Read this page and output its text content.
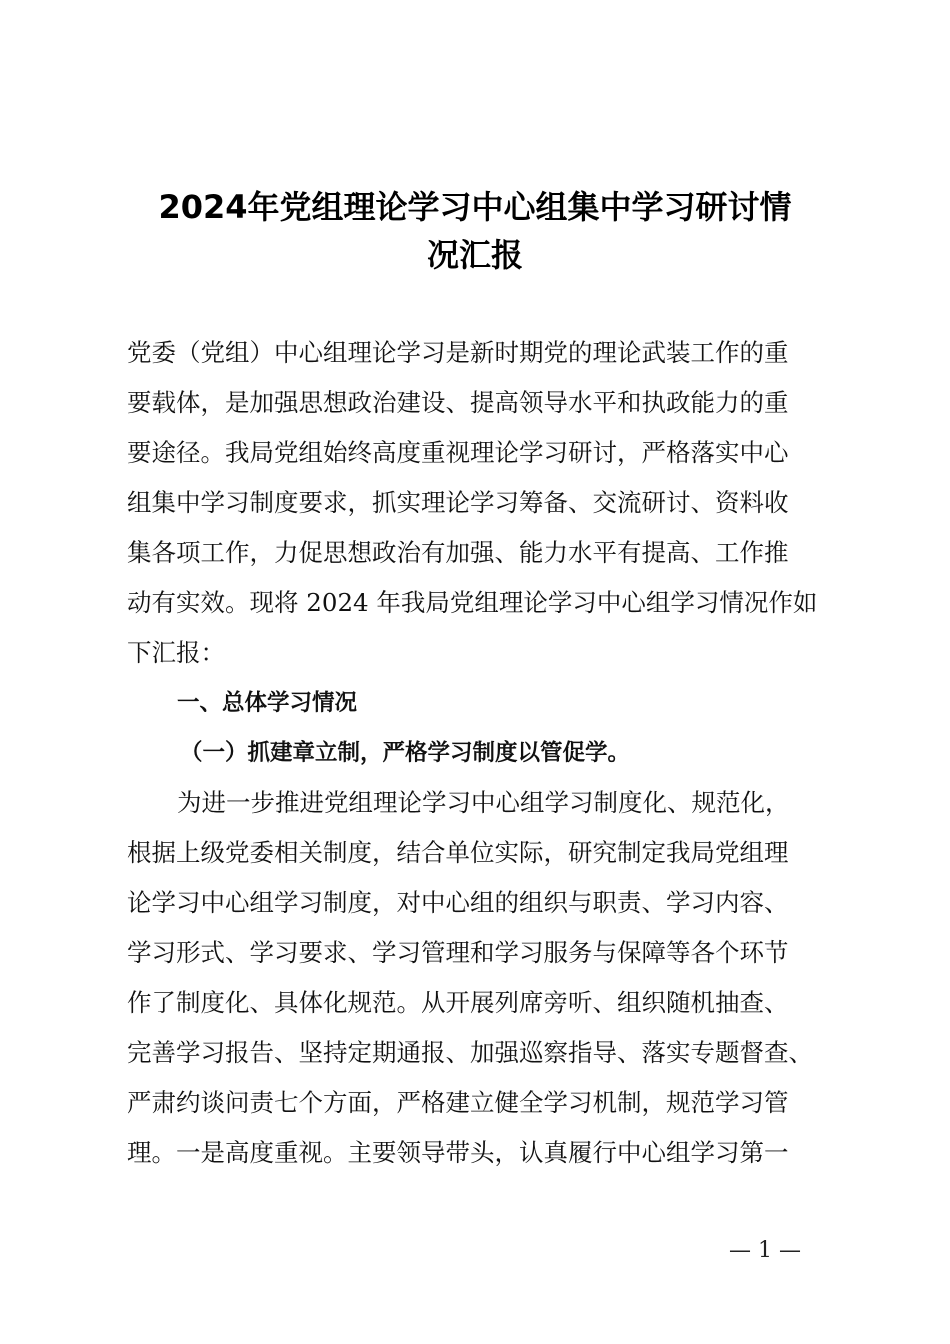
2024年党组理论学习中心组集中学习研讨情
况汇报
党委（党组）中心组理论学习是新时期党的理论武装工作的重
要载体，是加强思想政治建设、提高领导水平和执政能力的重
要途径。我局党组始终高度重视理论学习研讨，严格落实中心
组集中学习制度要求，抓实理论学习筹备、交流研讨、资料收
集各项工作，力促思想政治有加强、能力水平有提高、工作推
动有实效。现将 2024 年我局党组理论学习中心组学习情况作如
下汇报：
一、总体学习情况
（一）抓建章立制，严格学习制度以管促学。
为进一步推进党组理论学习中心组学习制度化、规范化，
根据上级党委相关制度，结合单位实际，研究制定我局党组理
论学习中心组学习制度，对中心组的组织与职责、学习内容、
学习形式、学习要求、学习管理和学习服务与保障等各个环节
作了制度化、具体化规范。从开展列席旁听、组织随机抽查、
完善学习报告、坚持定期通报、加强巡察指导、落实专题督查、
严肃约谈问责七个方面，严格建立健全学习机制，规范学习管
理。一是高度重视。主要领导带头，认真履行中心组学习第一
— 1 —
